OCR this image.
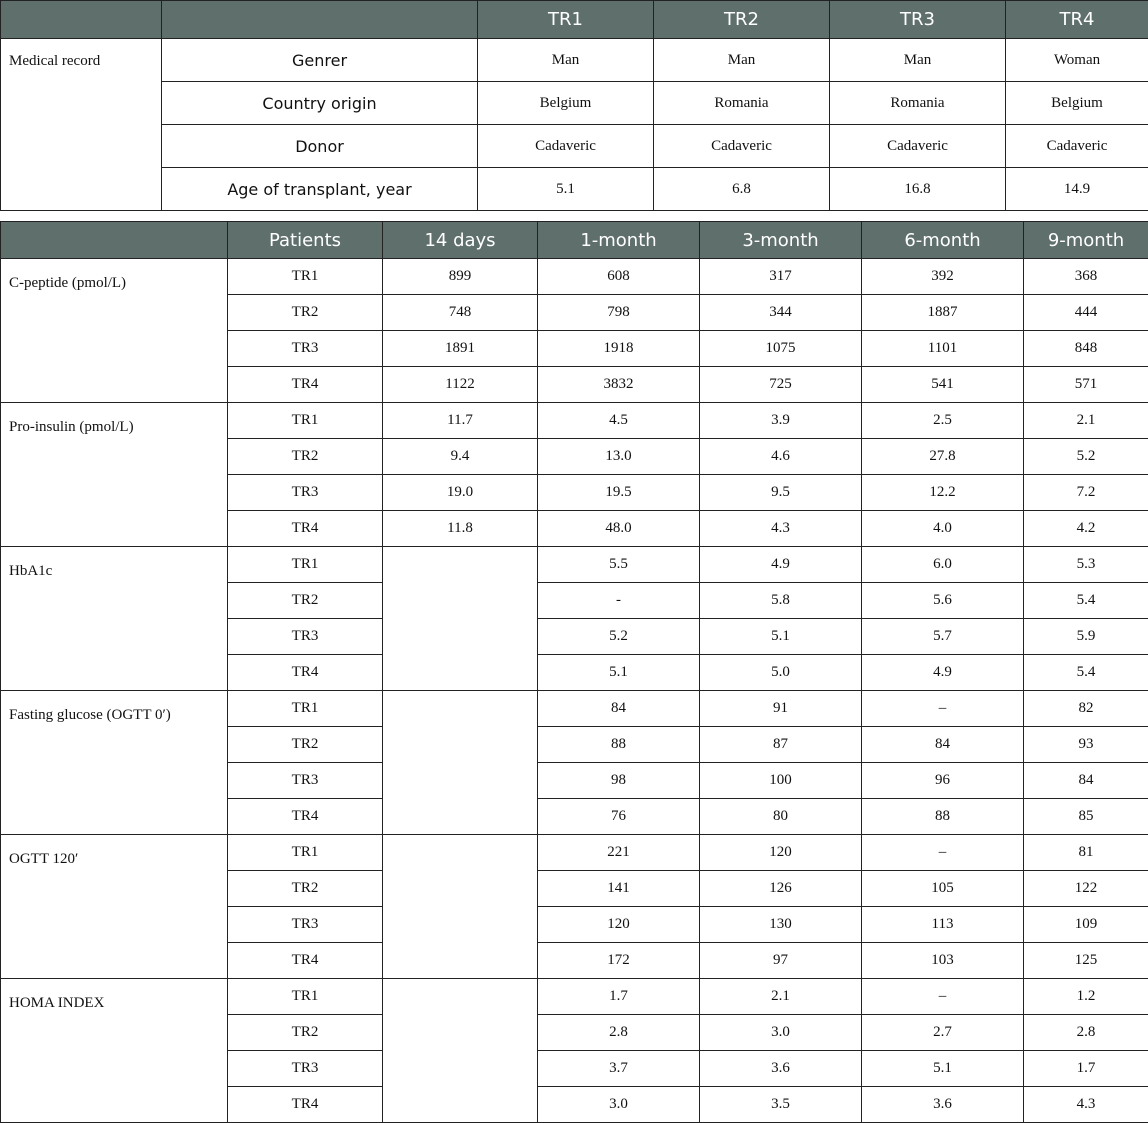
		TR1	TR2	TR3	TR4
Medical record	Genrer	Man	Man	Man	Woman
	Country origin	Belgium	Romania	Romania	Belgium
	Donor	Cadaveric	Cadaveric	Cadaveric	Cadaveric
	Age of transplant, year	5.1	6.8	16.8	14.9
	Patients	14 days	1-month	3-month	6-month	9-month
C-peptide (pmol/L)	TR1	899	608	317	392	368
	TR2	748	798	344	1887	444
	TR3	1891	1918	1075	1101	848
	TR4	1122	3832	725	541	571
Pro-insulin (pmol/L)	TR1	11.7	4.5	3.9	2.5	2.1
	TR2	9.4	13.0	4.6	27.8	5.2
	TR3	19.0	19.5	9.5	12.2	7.2
	TR4	11.8	48.0	4.3	4.0	4.2
HbA1c	TR1		5.5	4.9	6.0	5.3
	TR2		-	5.8	5.6	5.4
	TR3		5.2	5.1	5.7	5.9
	TR4		5.1	5.0	4.9	5.4
Fasting glucose (OGTT 0′)	TR1		84	91	–	82
	TR2		88	87	84	93
	TR3		98	100	96	84
	TR4		76	80	88	85
OGTT 120′	TR1		221	120	–	81
	TR2		141	126	105	122
	TR3		120	130	113	109
	TR4		172	97	103	125
HOMA INDEX	TR1		1.7	2.1	–	1.2
	TR2		2.8	3.0	2.7	2.8
	TR3		3.7	3.6	5.1	1.7
	TR4		3.0	3.5	3.6	4.3
